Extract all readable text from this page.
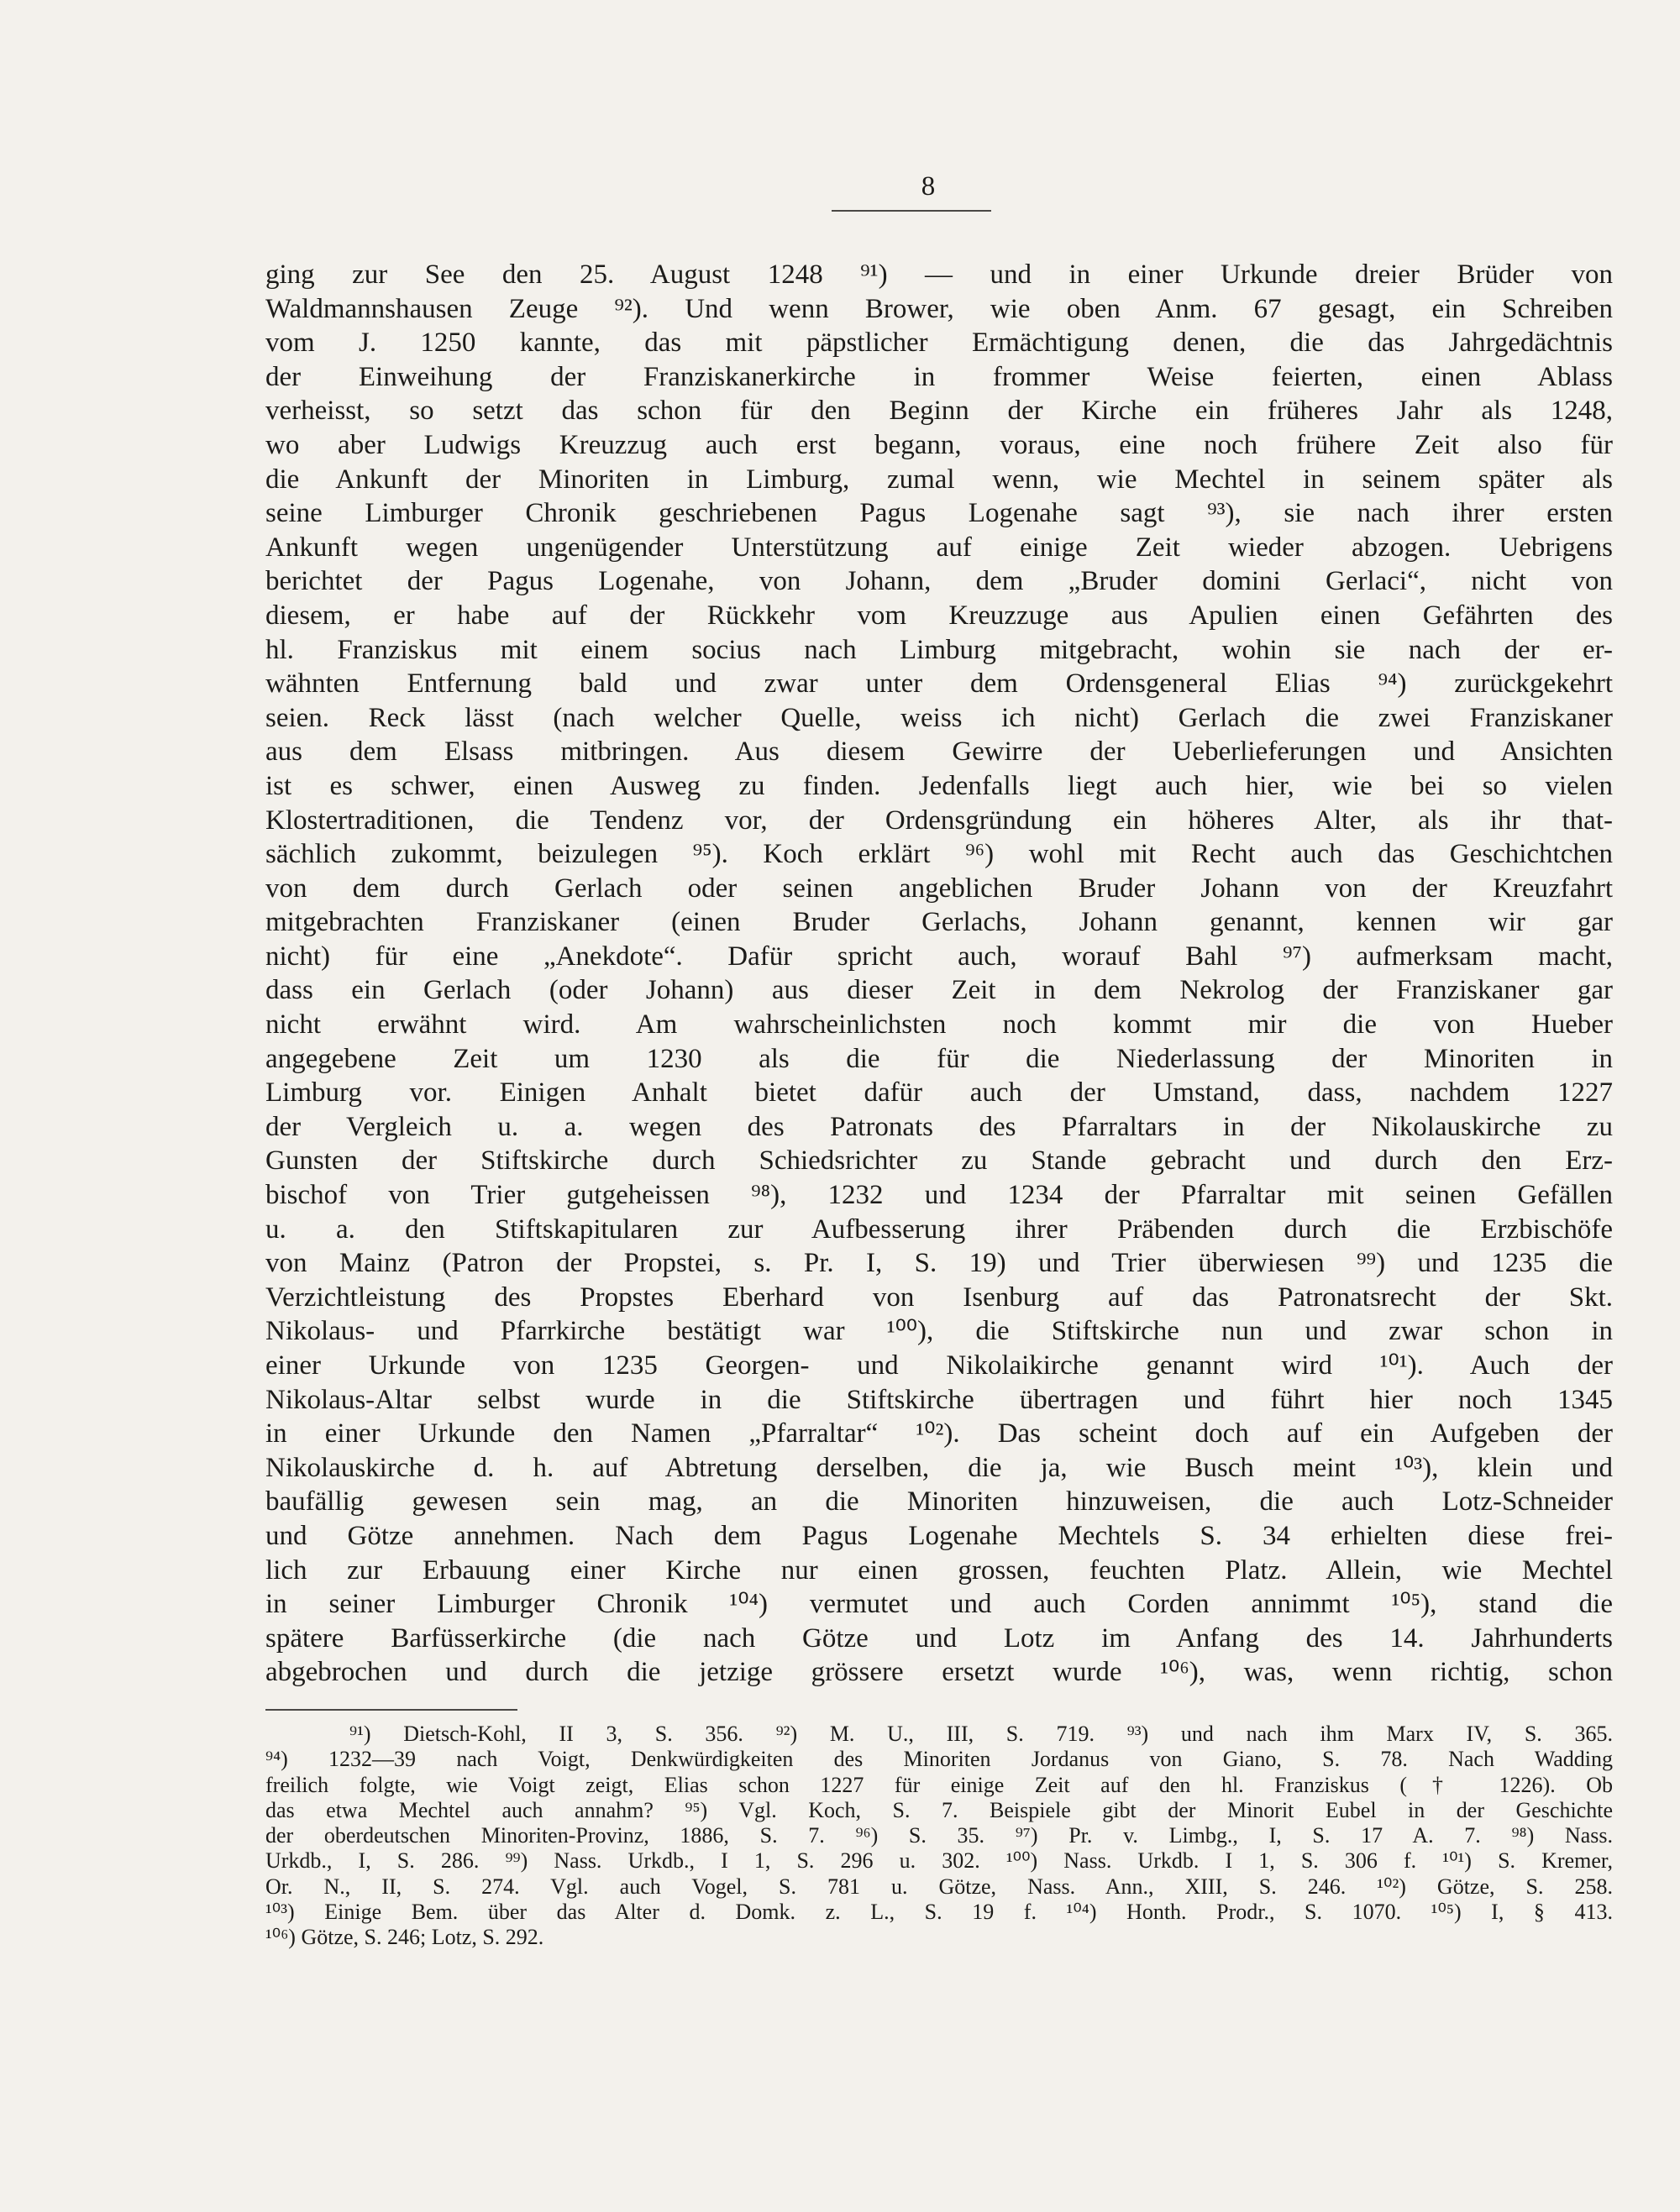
8
ging zur See den 25. August 1248 ⁹¹) — und in einer Urkunde dreier Brüder von
Waldmannshausen Zeuge ⁹²). Und wenn Brower, wie oben Anm. 67 gesagt, ein Schreiben
vom J. 1250 kannte, das mit päpstlicher Ermächtigung denen, die das Jahrgedächtnis
der Einweihung der Franziskanerkirche in frommer Weise feierten, einen Ablass
verheisst, so setzt das schon für den Beginn der Kirche ein früheres Jahr als 1248,
wo aber Ludwigs Kreuzzug auch erst begann, voraus, eine noch frühere Zeit also für
die Ankunft der Minoriten in Limburg, zumal wenn, wie Mechtel in seinem später als
seine Limburger Chronik geschriebenen Pagus Logenahe sagt ⁹³), sie nach ihrer ersten
Ankunft wegen ungenügender Unterstützung auf einige Zeit wieder abzogen. Uebrigens
berichtet der Pagus Logenahe, von Johann, dem „Bruder domini Gerlaci“, nicht von
diesem, er habe auf der Rückkehr vom Kreuzzuge aus Apulien einen Gefährten des
hl. Franziskus mit einem socius nach Limburg mitgebracht, wohin sie nach der er-
wähnten Entfernung bald und zwar unter dem Ordensgeneral Elias ⁹⁴) zurückgekehrt
seien. Reck lässt (nach welcher Quelle, weiss ich nicht) Gerlach die zwei Franziskaner
aus dem Elsass mitbringen. Aus diesem Gewirre der Ueberlieferungen und Ansichten
ist es schwer, einen Ausweg zu finden. Jedenfalls liegt auch hier, wie bei so vielen
Klostertraditionen, die Tendenz vor, der Ordensgründung ein höheres Alter, als ihr that-
sächlich zukommt, beizulegen ⁹⁵). Koch erklärt ⁹⁶) wohl mit Recht auch das Geschichtchen
von dem durch Gerlach oder seinen angeblichen Bruder Johann von der Kreuzfahrt
mitgebrachten Franziskaner (einen Bruder Gerlachs, Johann genannt, kennen wir gar
nicht) für eine „Anekdote“. Dafür spricht auch, worauf Bahl ⁹⁷) aufmerksam macht,
dass ein Gerlach (oder Johann) aus dieser Zeit in dem Nekrolog der Franziskaner gar
nicht erwähnt wird. Am wahrscheinlichsten noch kommt mir die von Hueber
angegebene Zeit um 1230 als die für die Niederlassung der Minoriten in
Limburg vor. Einigen Anhalt bietet dafür auch der Umstand, dass, nachdem 1227
der Vergleich u. a. wegen des Patronats des Pfarraltars in der Nikolauskirche zu
Gunsten der Stiftskirche durch Schiedsrichter zu Stande gebracht und durch den Erz-
bischof von Trier gutgeheissen ⁹⁸), 1232 und 1234 der Pfarraltar mit seinen Gefällen
u. a. den Stiftskapitularen zur Aufbesserung ihrer Präbenden durch die Erzbischöfe
von Mainz (Patron der Propstei, s. Pr. I, S. 19) und Trier überwiesen ⁹⁹) und 1235 die
Verzichtleistung des Propstes Eberhard von Isenburg auf das Patronatsrecht der Skt.
Nikolaus- und Pfarrkirche bestätigt war ¹⁰⁰), die Stiftskirche nun und zwar schon in
einer Urkunde von 1235 Georgen- und Nikolaikirche genannt wird ¹⁰¹). Auch der
Nikolaus-Altar selbst wurde in die Stiftskirche übertragen und führt hier noch 1345
in einer Urkunde den Namen „Pfarraltar“ ¹⁰²). Das scheint doch auf ein Aufgeben der
Nikolauskirche d. h. auf Abtretung derselben, die ja, wie Busch meint ¹⁰³), klein und
baufällig gewesen sein mag, an die Minoriten hinzuweisen, die auch Lotz-Schneider
und Götze annehmen. Nach dem Pagus Logenahe Mechtels S. 34 erhielten diese frei-
lich zur Erbauung einer Kirche nur einen grossen, feuchten Platz. Allein, wie Mechtel
in seiner Limburger Chronik ¹⁰⁴) vermutet und auch Corden annimmt ¹⁰⁵), stand die
spätere Barfüsserkirche (die nach Götze und Lotz im Anfang des 14. Jahrhunderts
abgebrochen und durch die jetzige grössere ersetzt wurde ¹⁰⁶), was, wenn richtig, schon
⁹¹) Dietsch-Kohl, II 3, S. 356. ⁹²) M. U., III, S. 719. ⁹³) und nach ihm Marx IV, S. 365.
⁹⁴) 1232—39 nach Voigt, Denkwürdigkeiten des Minoriten Jordanus von Giano, S. 78. Nach Wadding
freilich folgte, wie Voigt zeigt, Elias schon 1227 für einige Zeit auf den hl. Franziskus († 1226). Ob
das etwa Mechtel auch annahm? ⁹⁵) Vgl. Koch, S. 7. Beispiele gibt der Minorit Eubel in der Geschichte
der oberdeutschen Minoriten-Provinz, 1886, S. 7. ⁹⁶) S. 35. ⁹⁷) Pr. v. Limbg., I, S. 17 A. 7. ⁹⁸) Nass.
Urkdb., I, S. 286. ⁹⁹) Nass. Urkdb., I 1, S. 296 u. 302. ¹⁰⁰) Nass. Urkdb. I 1, S. 306 f. ¹⁰¹) S. Kremer,
Or. N., II, S. 274. Vgl. auch Vogel, S. 781 u. Götze, Nass. Ann., XIII, S. 246. ¹⁰²) Götze, S. 258.
¹⁰³) Einige Bem. über das Alter d. Domk. z. L., S. 19 f. ¹⁰⁴) Honth. Prodr., S. 1070. ¹⁰⁵) I, § 413.
¹⁰⁶) Götze, S. 246; Lotz, S. 292.
